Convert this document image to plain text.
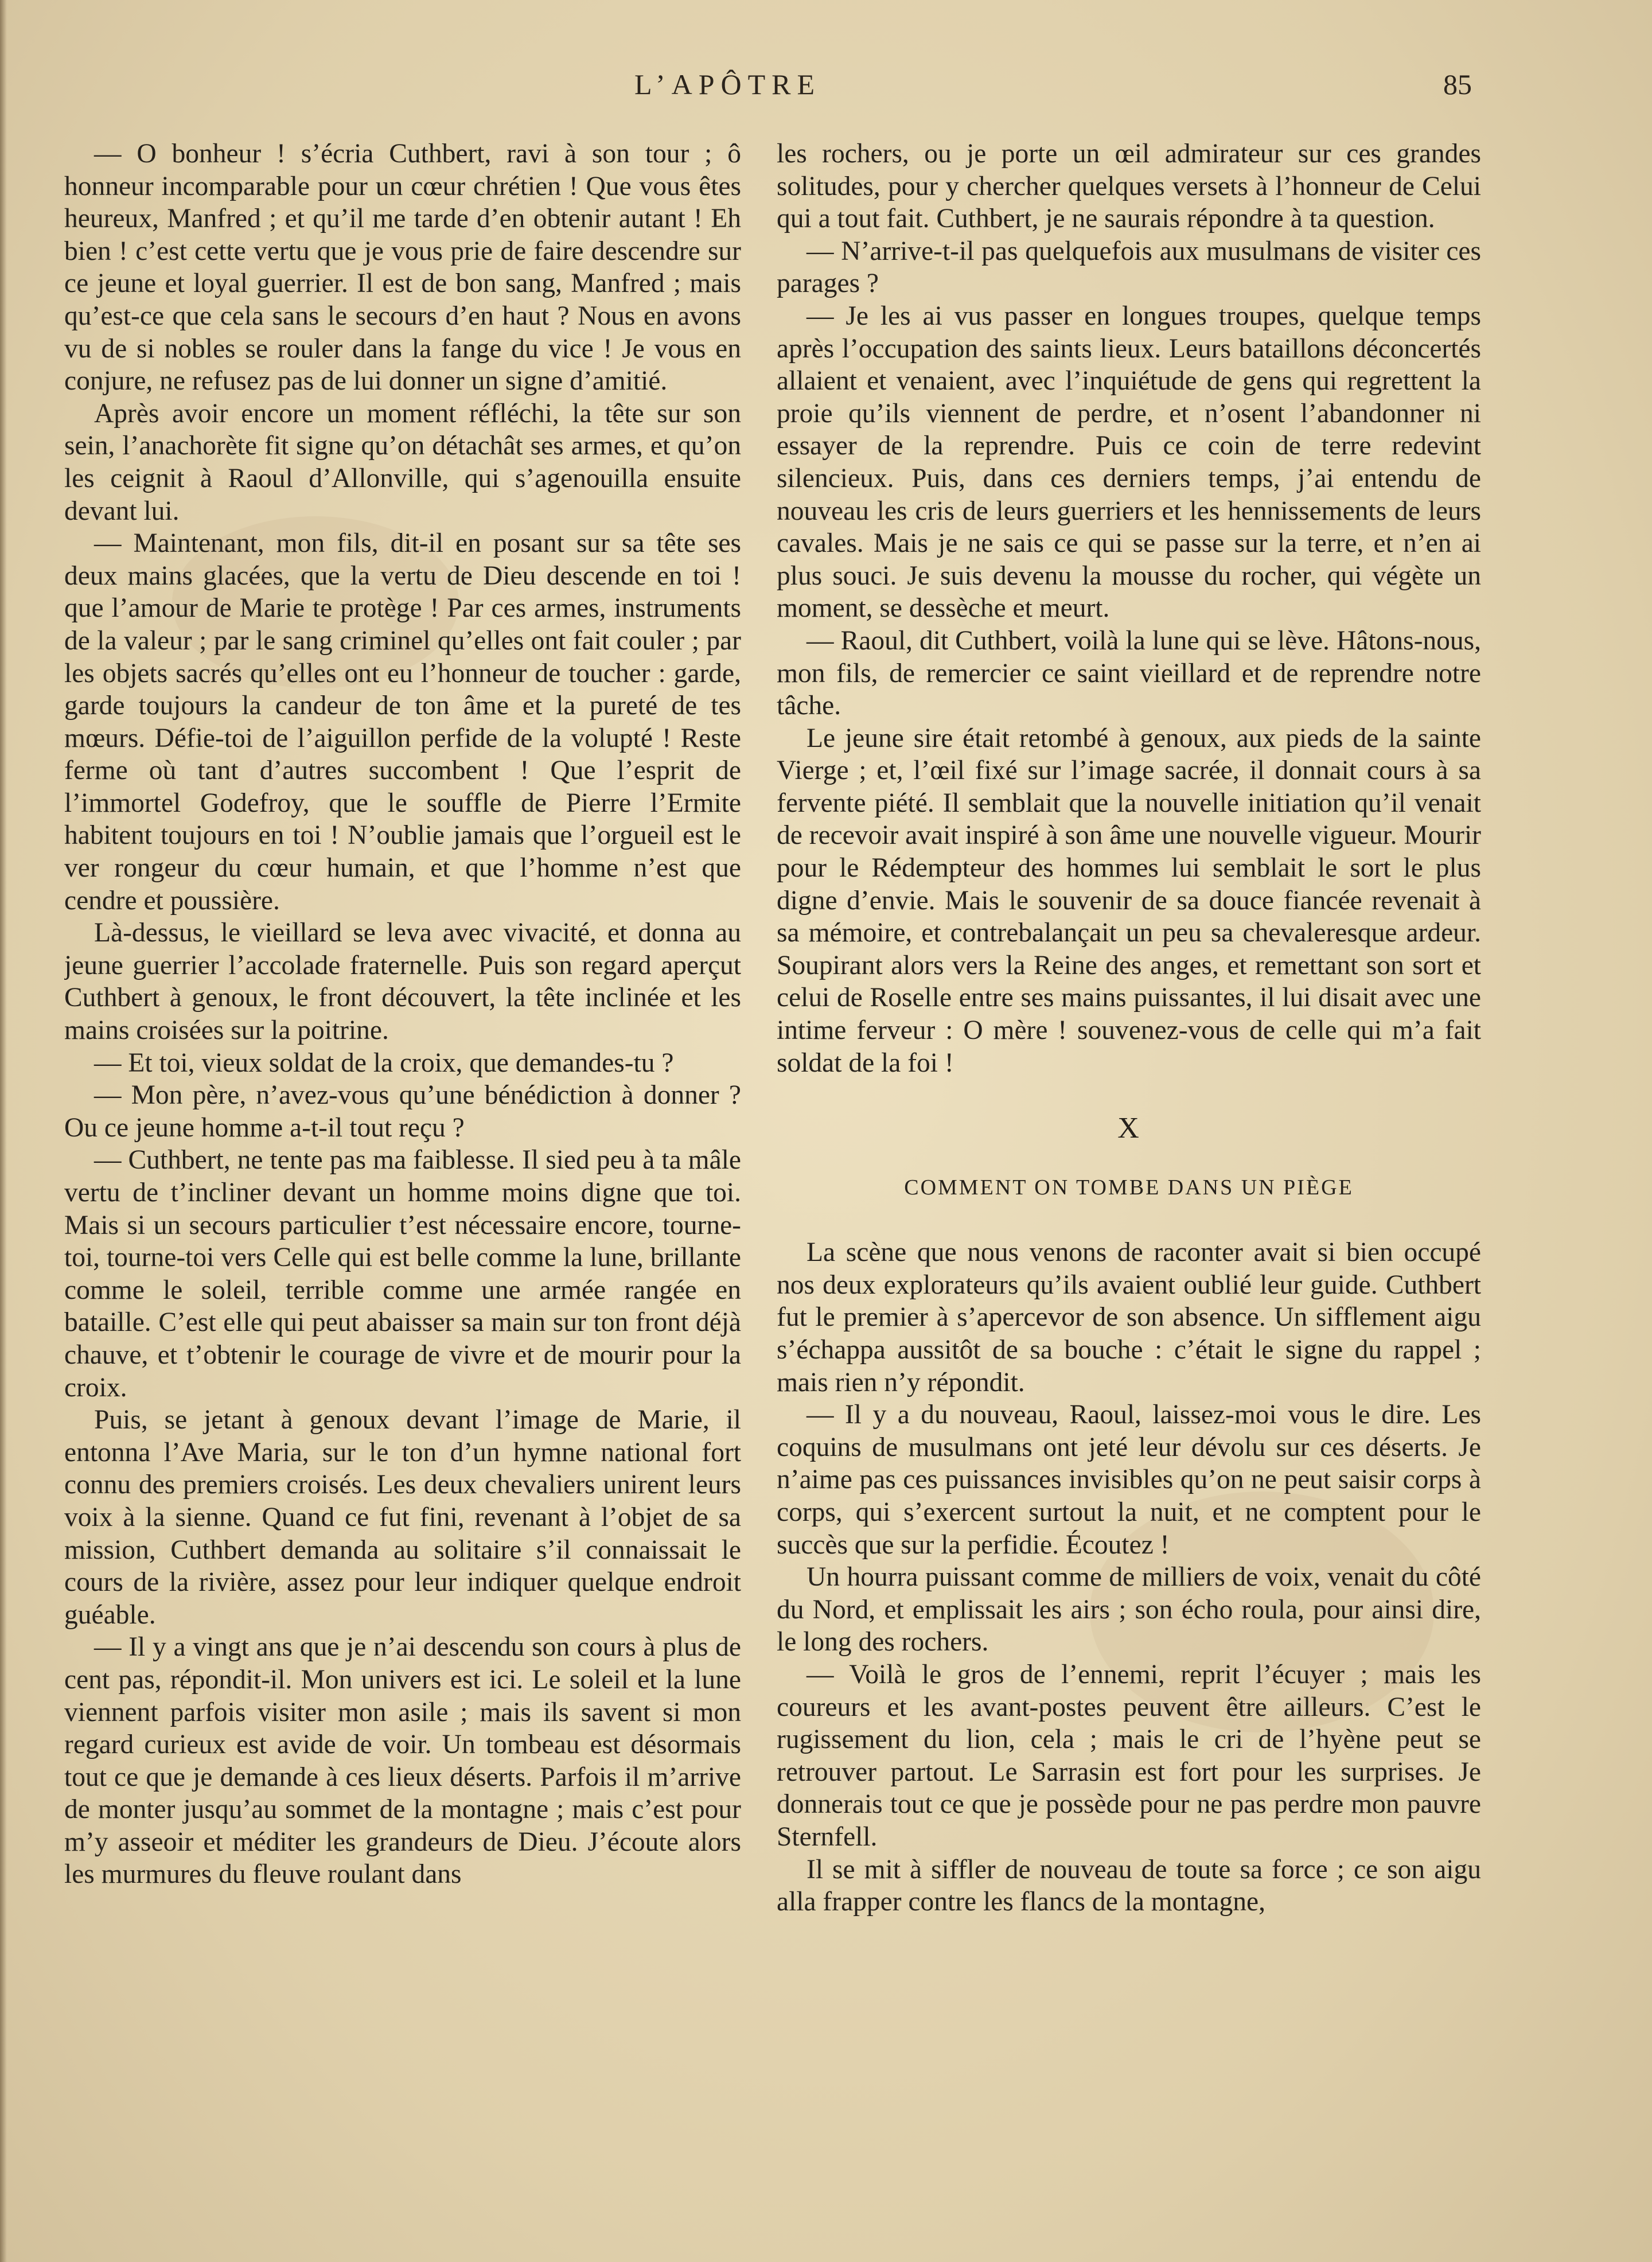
L’APÔTRE	85

— O bonheur ! s’écria Cuthbert, ravi à son tour ; ô honneur incomparable pour un cœur chrétien ! Que vous êtes heureux, Manfred ; et qu’il me tarde d’en obtenir autant ! Eh bien ! c’est cette vertu que je vous prie de faire descendre sur ce jeune et loyal guerrier. Il est de bon sang, Manfred ; mais qu’est-ce que cela sans le secours d’en haut ? Nous en avons vu de si nobles se rouler dans la fange du vice ! Je vous en conjure, ne refusez pas de lui donner un signe d’amitié.

Après avoir encore un moment réfléchi, la tête sur son sein, l’anachorète fit signe qu’on détachât ses armes, et qu’on les ceignit à Raoul d’Allonville, qui s’agenouilla ensuite devant lui.

— Maintenant, mon fils, dit-il en posant sur sa tête ses deux mains glacées, que la vertu de Dieu descende en toi ! que l’amour de Marie te protège ! Par ces armes, instruments de la valeur ; par le sang criminel qu’elles ont fait couler ; par les objets sacrés qu’elles ont eu l’honneur de toucher : garde, garde toujours la candeur de ton âme et la pureté de tes mœurs. Défie-toi de l’aiguillon perfide de la volupté ! Reste ferme où tant d’autres succombent ! Que l’esprit de l’immortel Godefroy, que le souffle de Pierre l’Ermite habitent toujours en toi ! N’oublie jamais que l’orgueil est le ver rongeur du cœur humain, et que l’homme n’est que cendre et poussière.

Là-dessus, le vieillard se leva avec vivacité, et donna au jeune guerrier l’accolade fraternelle. Puis son regard aperçut Cuthbert à genoux, le front découvert, la tête inclinée et les mains croisées sur la poitrine.

— Et toi, vieux soldat de la croix, que demandes-tu ?

— Mon père, n’avez-vous qu’une bénédiction à donner ? Ou ce jeune homme a-t-il tout reçu ?

— Cuthbert, ne tente pas ma faiblesse. Il sied peu à ta mâle vertu de t’incliner devant un homme moins digne que toi. Mais si un secours particulier t’est nécessaire encore, tourne-toi, tourne-toi vers Celle qui est belle comme la lune, brillante comme le soleil, terrible comme une armée rangée en bataille. C’est elle qui peut abaisser sa main sur ton front déjà chauve, et t’obtenir le courage de vivre et de mourir pour la croix.

Puis, se jetant à genoux devant l’image de Marie, il entonna l’Ave Maria, sur le ton d’un hymne national fort connu des premiers croisés. Les deux chevaliers unirent leurs voix à la sienne. Quand ce fut fini, revenant à l’objet de sa mission, Cuthbert demanda au solitaire s’il connaissait le cours de la rivière, assez pour leur indiquer quelque endroit guéable.

— Il y a vingt ans que je n’ai descendu son cours à plus de cent pas, répondit-il. Mon univers est ici. Le soleil et la lune viennent parfois visiter mon asile ; mais ils savent si mon regard curieux est avide de voir. Un tombeau est désormais tout ce que je demande à ces lieux déserts. Parfois il m’arrive de monter jusqu’au sommet de la montagne ; mais c’est pour m’y asseoir et méditer les grandeurs de Dieu. J’écoute alors les murmures du fleuve roulant dans

les rochers, ou je porte un œil admirateur sur ces grandes solitudes, pour y chercher quelques versets à l’honneur de Celui qui a tout fait. Cuthbert, je ne saurais répondre à ta question.

— N’arrive-t-il pas quelquefois aux musulmans de visiter ces parages ?

— Je les ai vus passer en longues troupes, quelque temps après l’occupation des saints lieux. Leurs bataillons déconcertés allaient et venaient, avec l’inquiétude de gens qui regrettent la proie qu’ils viennent de perdre, et n’osent l’abandonner ni essayer de la reprendre. Puis ce coin de terre redevint silencieux. Puis, dans ces derniers temps, j’ai entendu de nouveau les cris de leurs guerriers et les hennissements de leurs cavales. Mais je ne sais ce qui se passe sur la terre, et n’en ai plus souci. Je suis devenu la mousse du rocher, qui végète un moment, se dessèche et meurt.

— Raoul, dit Cuthbert, voilà la lune qui se lève. Hâtons-nous, mon fils, de remercier ce saint vieillard et de reprendre notre tâche.

Le jeune sire était retombé à genoux, aux pieds de la sainte Vierge ; et, l’œil fixé sur l’image sacrée, il donnait cours à sa fervente piété. Il semblait que la nouvelle initiation qu’il venait de recevoir avait inspiré à son âme une nouvelle vigueur. Mourir pour le Rédempteur des hommes lui semblait le sort le plus digne d’envie. Mais le souvenir de sa douce fiancée revenait à sa mémoire, et contrebalançait un peu sa chevaleresque ardeur. Soupirant alors vers la Reine des anges, et remettant son sort et celui de Roselle entre ses mains puissantes, il lui disait avec une intime ferveur : O mère ! souvenez-vous de celle qui m’a fait soldat de la foi !

X
COMMENT ON TOMBE DANS UN PIÈGE

La scène que nous venons de raconter avait si bien occupé nos deux explorateurs qu’ils avaient oublié leur guide. Cuthbert fut le premier à s’apercevor de son absence. Un sifflement aigu s’échappa aussitôt de sa bouche : c’était le signe du rappel ; mais rien n’y répondit.

— Il y a du nouveau, Raoul, laissez-moi vous le dire. Les coquins de musulmans ont jeté leur dévolu sur ces déserts. Je n’aime pas ces puissances invisibles qu’on ne peut saisir corps à corps, qui s’exercent surtout la nuit, et ne comptent pour le succès que sur la perfidie. Écoutez !

Un hourra puissant comme de milliers de voix, venait du côté du Nord, et emplissait les airs ; son écho roula, pour ainsi dire, le long des rochers.

— Voilà le gros de l’ennemi, reprit l’écuyer ; mais les coureurs et les avant-postes peuvent être ailleurs. C’est le rugissement du lion, cela ; mais le cri de l’hyène peut se retrouver partout. Le Sarrasin est fort pour les surprises. Je donnerais tout ce que je possède pour ne pas perdre mon pauvre Sternfell.

Il se mit à siffler de nouveau de toute sa force ; ce son aigu alla frapper contre les flancs de la montagne,
